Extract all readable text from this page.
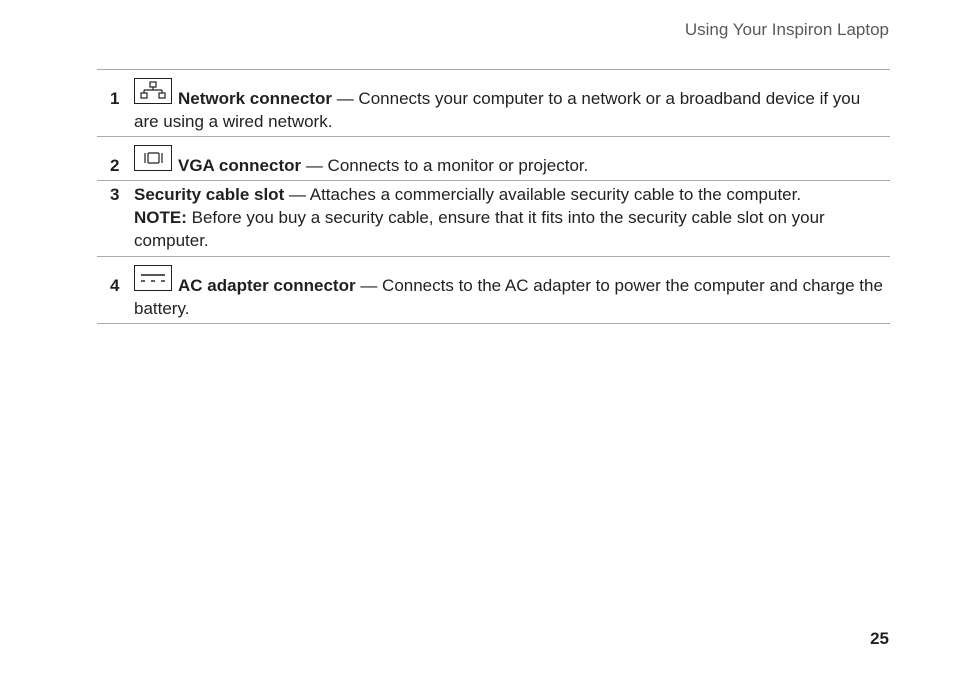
Using Your Inspiron Laptop
1	Network connector — Connects your computer to a network or a broadband device if you are using a wired network.
2	VGA connector — Connects to a monitor or projector.
3 Security cable slot — Attaches a commercially available security cable to the computer.
NOTE: Before you buy a security cable, ensure that it fits into the security cable slot on your computer.
4	AC adapter connector — Connects to the AC adapter to power the computer and charge the battery.
25
